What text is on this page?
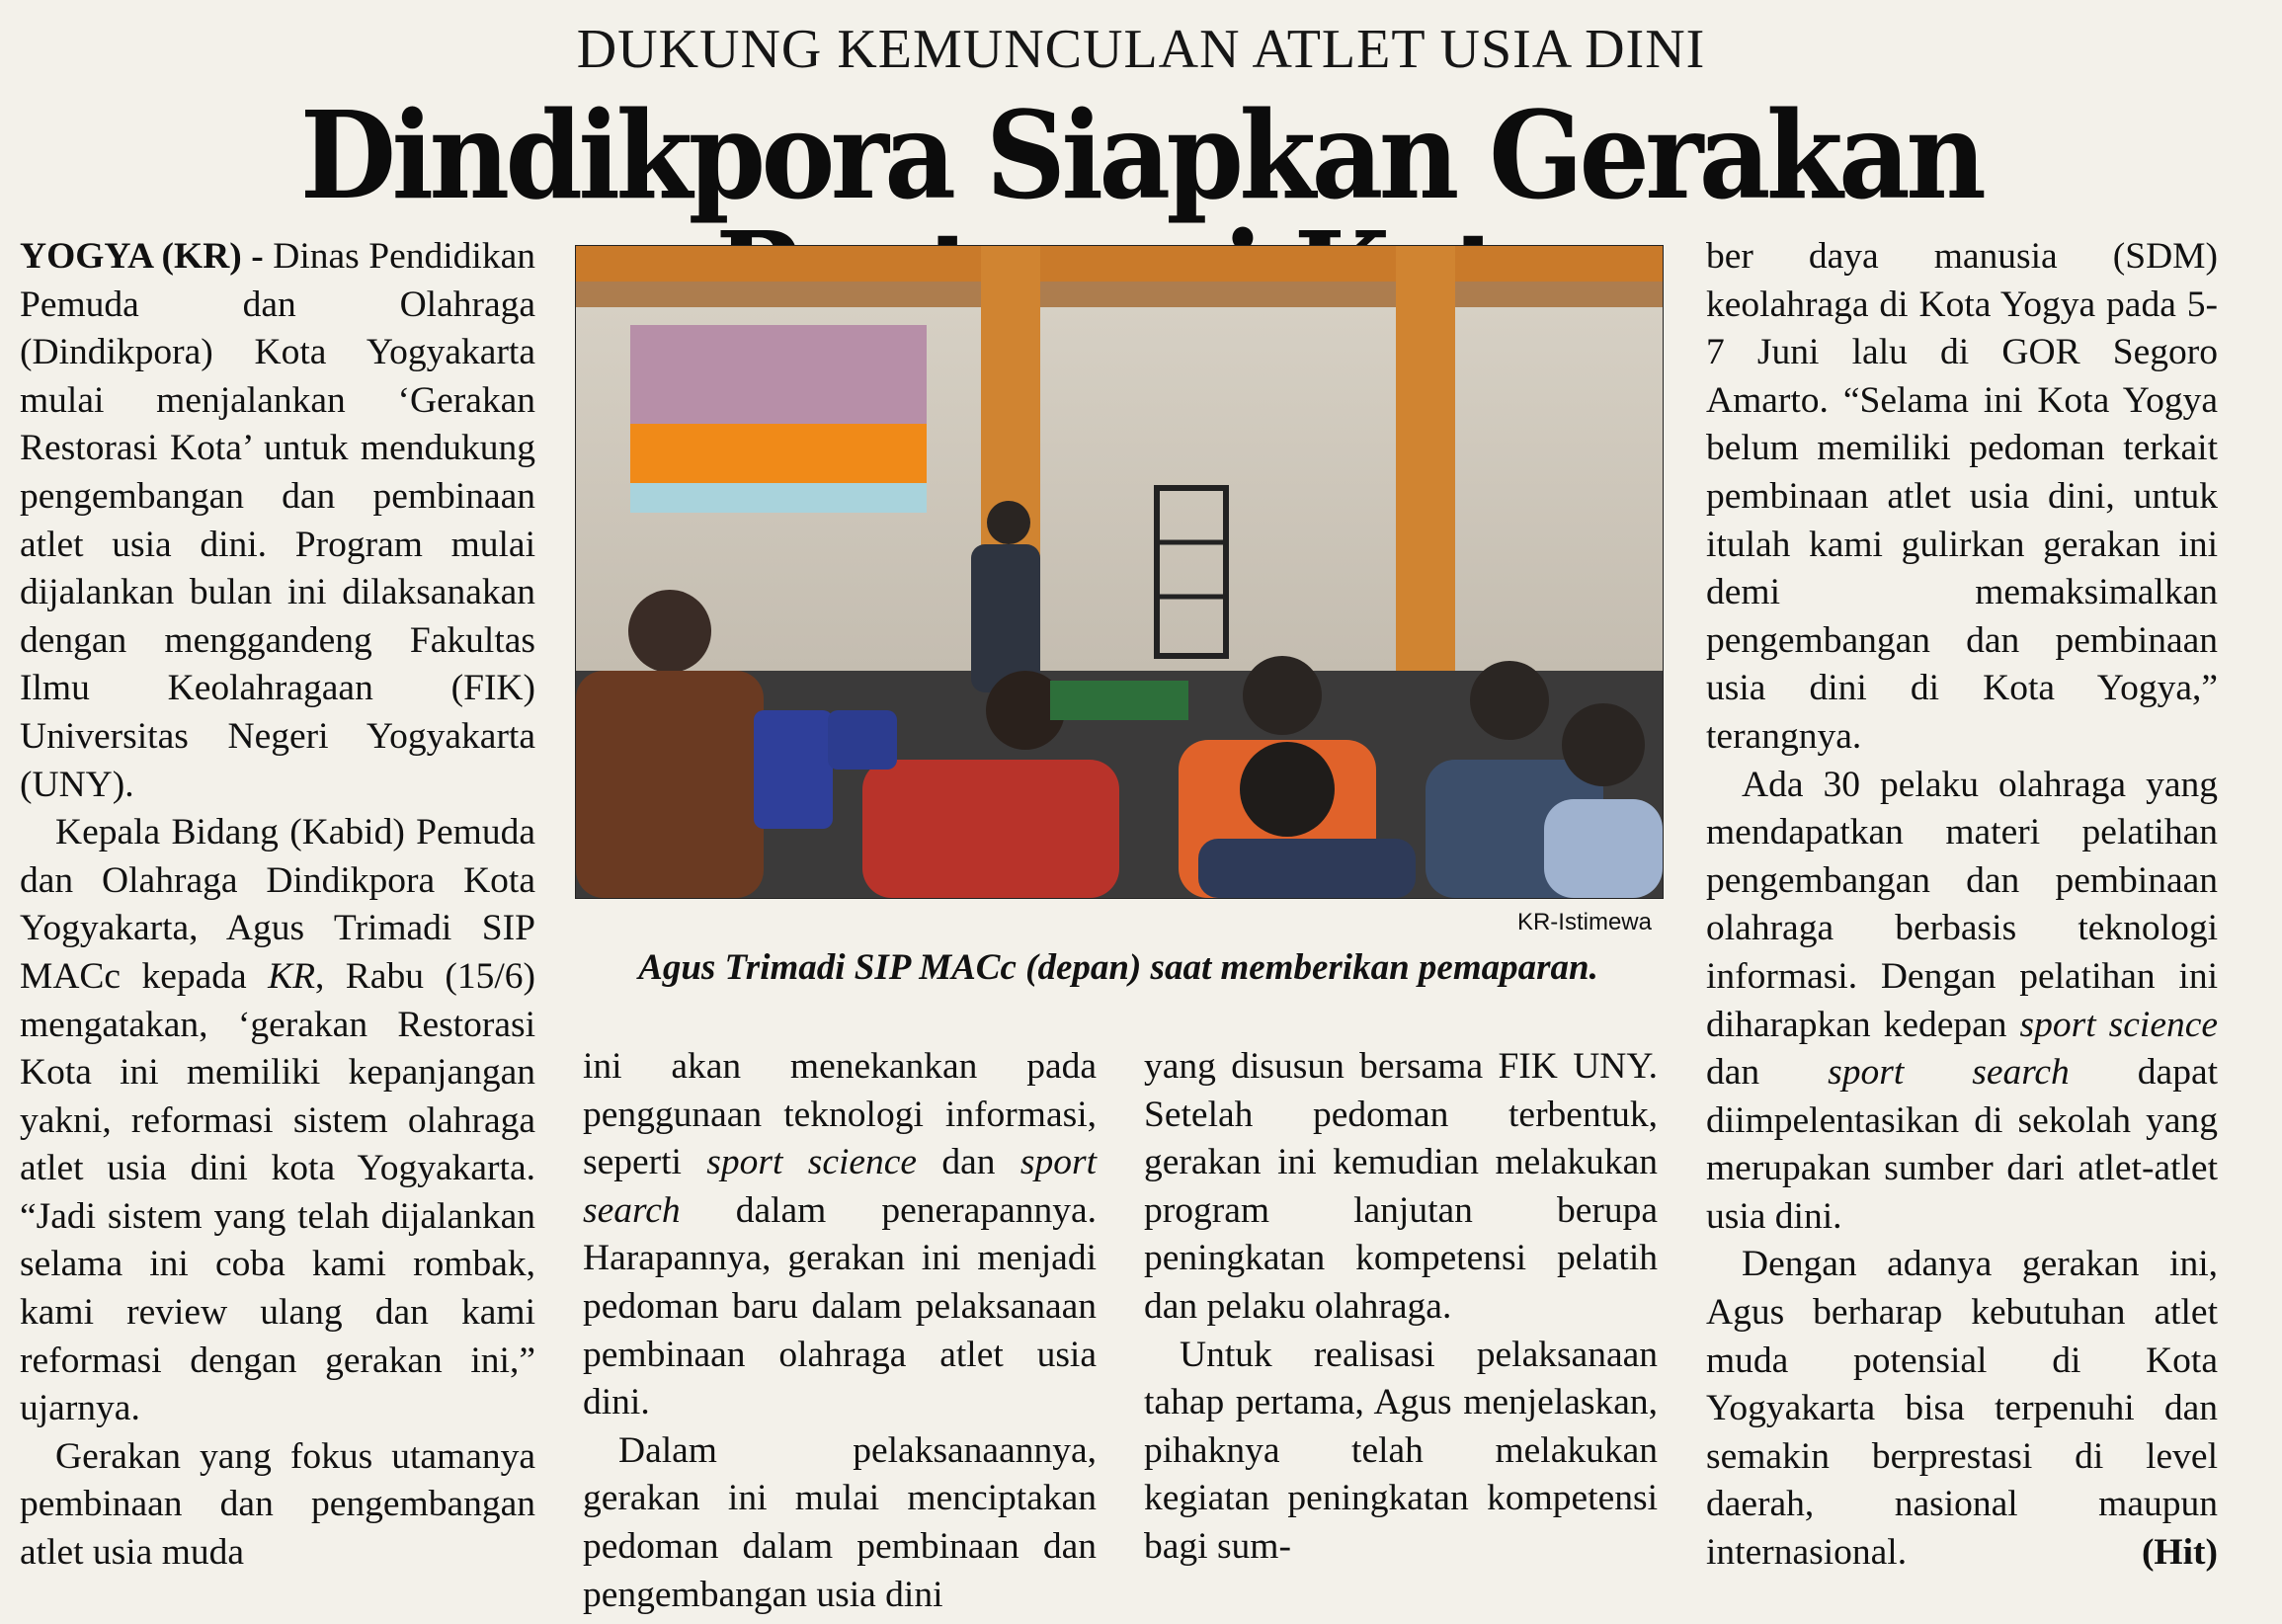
DUKUNG KEMUNCULAN ATLET USIA DINI
Dindikpora Siapkan Gerakan

YOGYA (KR) - Dinas Pendidikan Pemuda dan Olahraga (Dindikpora) Kota Yogyakarta mulai menjalankan ‘Gerakan Restorasi Kota’ untuk mendukung pengembangan dan pembinaan atlet usia dini. Program mulai dijalankan bulan ini dilaksanakan dengan menggandeng Fakultas Ilmu Keolahragaan (FIK) Universitas Negeri Yogyakarta (UNY).

Kepala Bidang (Kabid) Pemuda dan Olahraga Dindikpora Kota Yogyakarta, Agus Trimadi SIP MACc kepada KR, Rabu (15/6) mengatakan, ‘gerakan Restorasi Kota ini memiliki kepanjangan yakni, reformasi sistem olahraga atlet usia dini kota Yogyakarta. “Jadi sistem yang telah dijalankan selama ini coba kami rombak, kami review ulang dan kami reformasi dengan gerakan ini,” ujarnya.

Gerakan yang fokus utamanya pembinaan dan pengembangan atlet usia muda

KR-Istimewa
Agus Trimadi SIP MACc (depan) saat memberikan pemaparan.

ini akan menekankan pada penggunaan teknologi informasi, seperti sport science dan sport search dalam penerapannya. Harapannya, gerakan ini menjadi pedoman baru dalam pelaksanaan pembinaan olahraga atlet usia dini.

Dalam pelaksanaannya, gerakan ini mulai menciptakan pedoman dalam pembinaan dan pengembangan usia dini

yang disusun bersama FIK UNY. Setelah pedoman terbentuk, gerakan ini kemudian melakukan program lanjutan berupa peningkatan kompetensi pelatih dan pelaku olahraga.

Untuk realisasi pelaksanaan tahap pertama, Agus menjelaskan, pihaknya telah melakukan kegiatan peningkatan kompetensi bagi sum-

ber daya manusia (SDM) keolahraga di Kota Yogya pada 5-7 Juni lalu di GOR Segoro Amarto. “Selama ini Kota Yogya belum memiliki pedoman terkait pembinaan atlet usia dini, untuk itulah kami gulirkan gerakan ini demi memaksimalkan pengembangan dan pembinaan usia dini di Kota Yogya,” terangnya.

Ada 30 pelaku olahraga yang mendapatkan materi pelatihan pengembangan dan pembinaan olahraga berbasis teknologi informasi. Dengan pelatihan ini diharapkan kedepan sport science dan sport search dapat diimpelentasikan di sekolah yang merupakan sumber dari atlet-atlet usia dini.

Dengan adanya gerakan ini, Agus berharap kebutuhan atlet muda potensial di Kota Yogyakarta bisa terpenuhi dan semakin berprestasi di level daerah, nasional maupun internasional.	(Hit)
